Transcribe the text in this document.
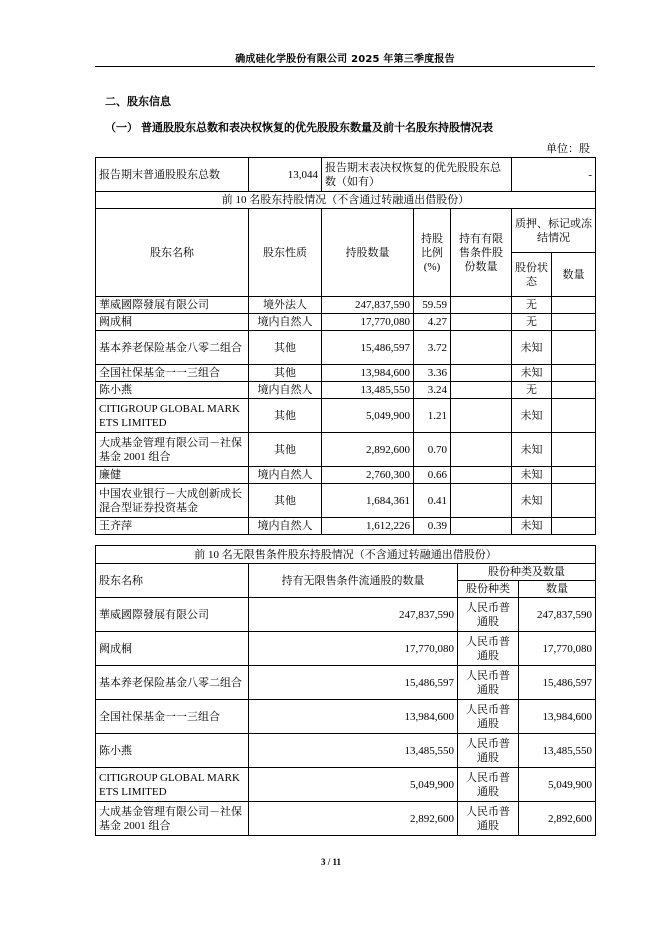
确成硅化学股份有限公司 2025 年第三季度报告
二、股东信息
（一） 普通股股东总数和表决权恢复的优先股股东数量及前十名股东持股情况表
单位：股
报告期末普通股股东总数	13,044	报告期末表决权恢复的优先股股东总数（如有）			-	
前 10 名股东持股情况（不含通过转融通出借股份）						
股东名称	股东性质	持股数量	持股比例(%)	持有有限售条件股份数量	质押、标记或冻结情况	
					股份状态	数量
華威國際發展有限公司	境外法人	247,837,590	59.59		无	
阙成桐	境内自然人	17,770,080	4.27		无	
基本养老保险基金八零二组合	其他	15,486,597	3.72		未知	
全国社保基金一一三组合	其他	13,984,600	3.36		未知	
陈小燕	境内自然人	13,485,550	3.24		无	
CITIGROUP GLOBAL MARKETS LIMITED	其他	5,049,900	1.21		未知	
大成基金管理有限公司－社保基金 2001 组合	其他	2,892,600	0.70		未知	
廉健	境内自然人	2,760,300	0.66		未知	
中国农业银行－大成创新成长混合型证券投资基金	其他	1,684,361	0.41		未知	
王齐萍	境内自然人	1,612,226	0.39		未知	
前 10 名无限售条件股东持股情况（不含通过转融通出借股份）			
股东名称	持有无限售条件流通股的数量	股份种类及数量	
		股份种类	数量
華威國際發展有限公司	247,837,590	人民币普通股	247,837,590
阙成桐	17,770,080	人民币普通股	17,770,080
基本养老保险基金八零二组合	15,486,597	人民币普通股	15,486,597
全国社保基金一一三组合	13,984,600	人民币普通股	13,984,600
陈小燕	13,485,550	人民币普通股	13,485,550
CITIGROUP GLOBAL MARKETS LIMITED	5,049,900	人民币普通股	5,049,900
大成基金管理有限公司－社保基金 2001 组合	2,892,600	人民币普通股	2,892,600
3 / 11
